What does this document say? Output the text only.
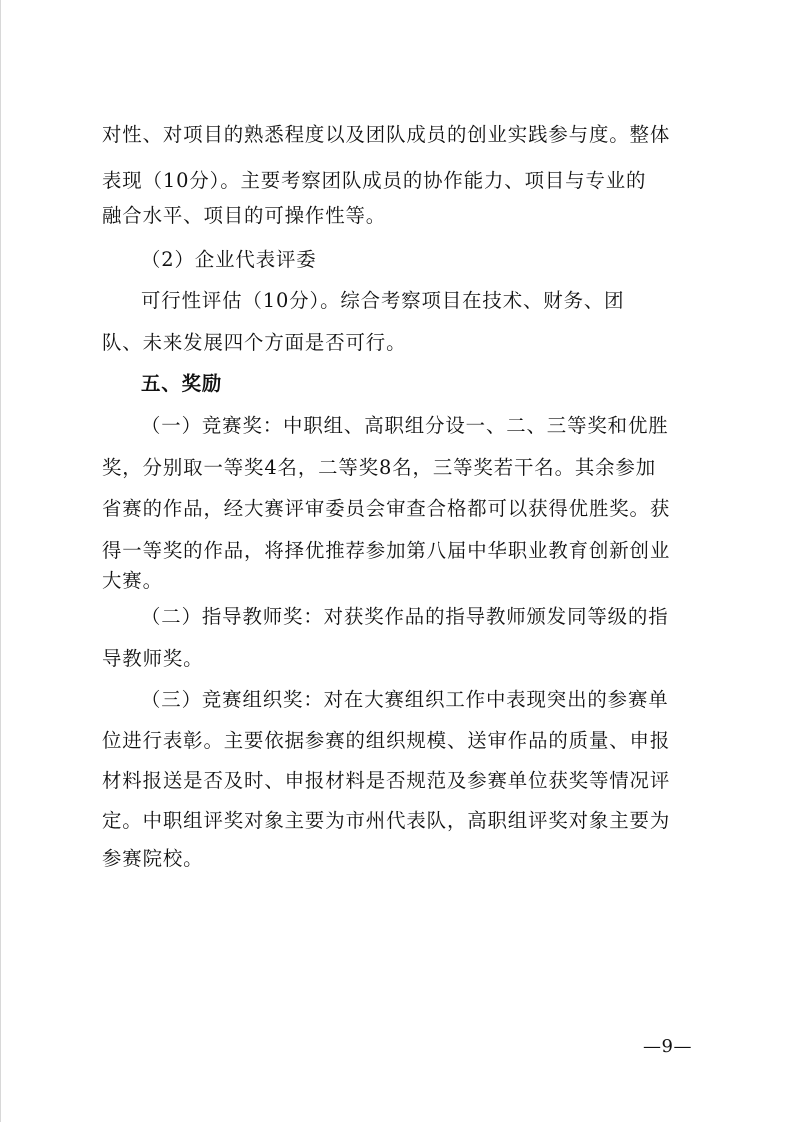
对性、对项目的熟悉程度以及团队成员的创业实践参与度。整体
表现（10分）。主要考察团队成员的协作能力、项目与专业的
融合水平、项目的可操作性等。
（2）企业代表评委
可行性评估（10分）。综合考察项目在技术、财务、团
队、未来发展四个方面是否可行。
五、奖励
（一）竞赛奖：中职组、高职组分设一、二、三等奖和优胜
奖，分别取一等奖4名，二等奖8名，三等奖若干名。其余参加
省赛的作品，经大赛评审委员会审查合格都可以获得优胜奖。获
得一等奖的作品，将择优推荐参加第八届中华职业教育创新创业
大赛。
（二）指导教师奖：对获奖作品的指导教师颁发同等级的指
导教师奖。
（三）竞赛组织奖：对在大赛组织工作中表现突出的参赛单
位进行表彰。主要依据参赛的组织规模、送审作品的质量、申报
材料报送是否及时、申报材料是否规范及参赛单位获奖等情况评
定。中职组评奖对象主要为市州代表队，高职组评奖对象主要为
参赛院校。
—9—
